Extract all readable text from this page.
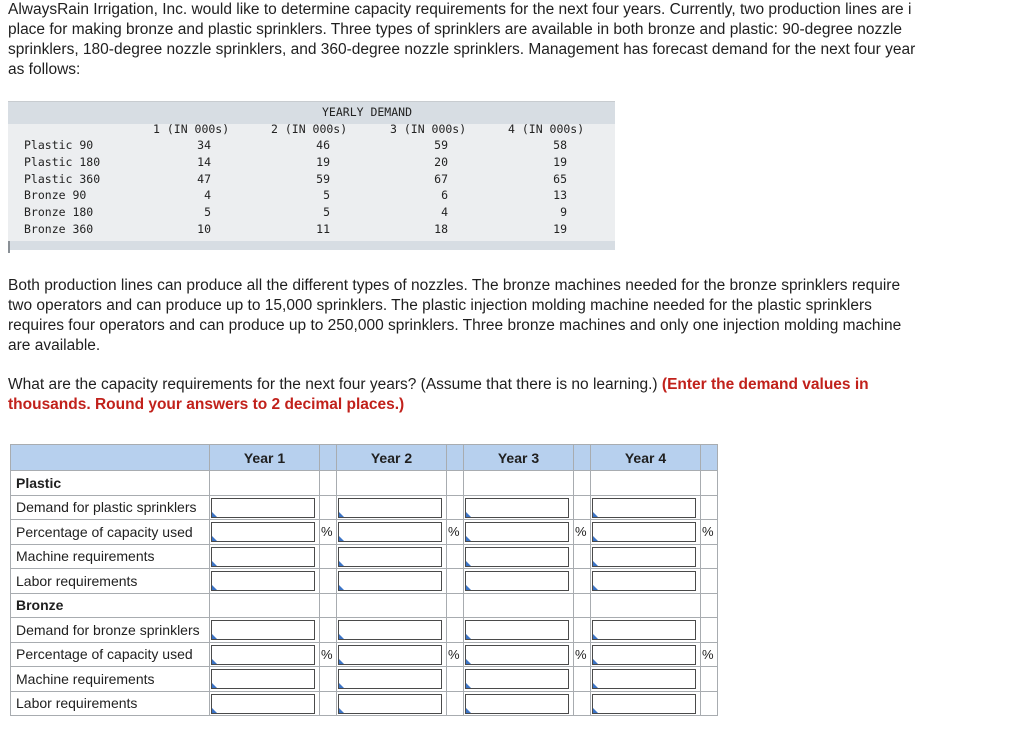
AlwaysRain Irrigation, Inc. would like to determine capacity requirements for the next four years. Currently, two production lines are i
place for making bronze and plastic sprinklers. Three types of sprinklers are available in both bronze and plastic: 90-degree nozzle
sprinklers, 180-degree nozzle sprinklers, and 360-degree nozzle sprinklers. Management has forecast demand for the next four year
as follows:
YEARLY DEMAND
1 (IN 000s)	2 (IN 000s)	3 (IN 000s)	4 (IN 000s)
Plastic 90	34	46	59	58
Plastic 180	14	19	20	19
Plastic 360	47	59	67	65
Bronze 90	4	5	6	13
Bronze 180	5	5	4	9
Bronze 360	10	11	18	19
Both production lines can produce all the different types of nozzles. The bronze machines needed for the bronze sprinklers require
two operators and can produce up to 15,000 sprinklers. The plastic injection molding machine needed for the plastic sprinklers
requires four operators and can produce up to 250,000 sprinklers. Three bronze machines and only one injection molding machine
are available.
What are the capacity requirements for the next four years? (Assume that there is no learning.) (Enter the demand values in
thousands. Round your answers to 2 decimal places.)
	Year 1		Year 2		Year 3		Year 4	
Plastic								
Demand for plastic sprinklers	

Percentage of capacity used		%		%		%		%
Machine requirements	

Labor requirements	

Bronze								
Demand for bronze sprinklers	

Percentage of capacity used		%		%		%		%
Machine requirements	

Labor requirements	
